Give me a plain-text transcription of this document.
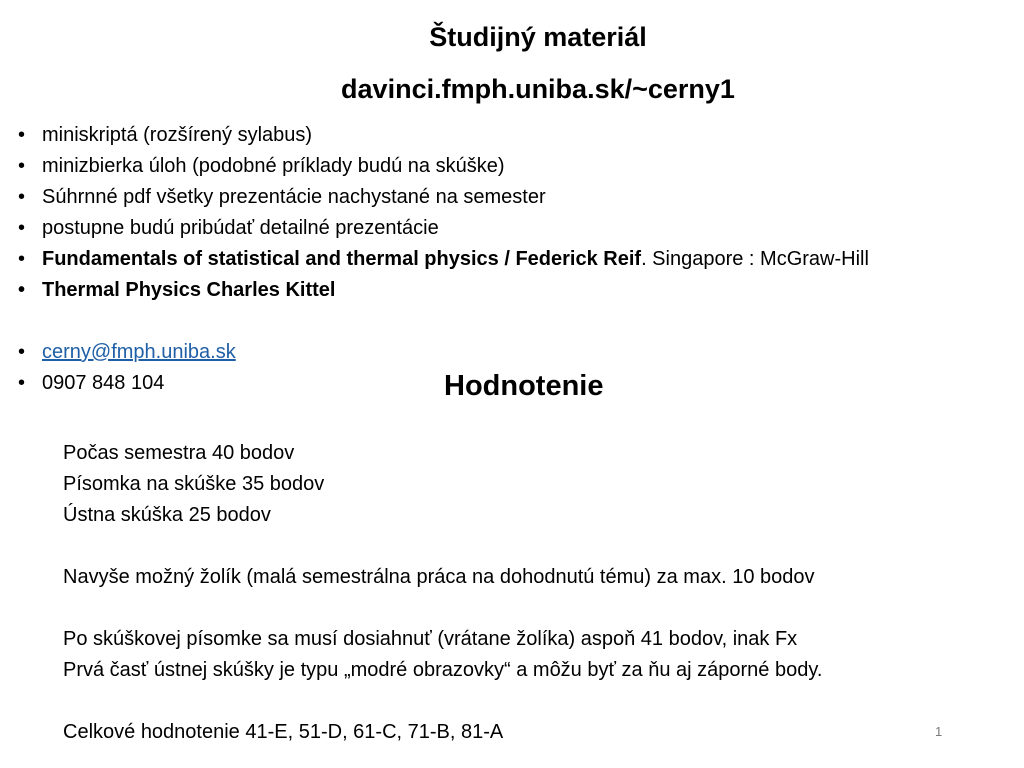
Študijný materiál
davinci.fmph.uniba.sk/~cerny1
• miniskriptá (rozšírený sylabus)
• minizbierka úloh (podobné príklady budú na skúške)
• Súhrnné pdf všetky prezentácie nachystané na semester
• postupne budú pribúdať detailné prezentácie
• Fundamentals of statistical and thermal physics / Federick Reif. Singapore : McGraw-Hill
• Thermal Physics Charles Kittel
• cerny@fmph.uniba.sk
• 0907 848 104	Hodnotenie
Počas semestra 40 bodov
Písomka na skúške 35 bodov
Ústna skúška 25 bodov
Navyše možný žolík (malá semestrálna práca na dohodnutú tému) za max. 10 bodov
Po skúškovej písomke sa musí dosiahnuť (vrátane žolíka) aspoň 41 bodov, inak Fx
Prvá časť ústnej skúšky je typu „modré obrazovky“ a môžu byť za ňu aj záporné body.
Celkové hodnotenie 41-E, 51-D, 61-C, 71-B, 81-A	1
